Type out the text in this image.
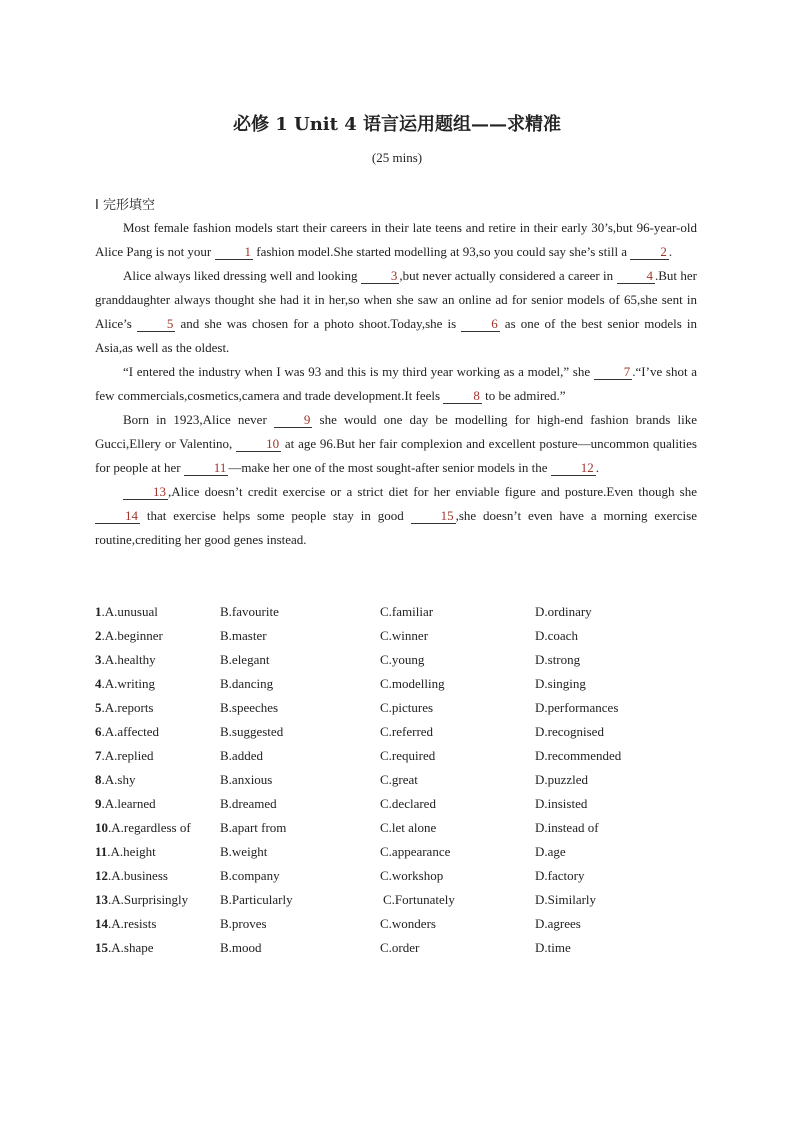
必修 1 Unit 4 语言运用题组——求精准
(25 mins)
Ⅰ 完形填空

Most female fashion models start their careers in their late teens and retire in their early 30’s,but 96-year-old Alice Pang is not your 1 fashion model.She started modelling at 93,so you could say she’s still a 2 .

Alice always liked dressing well and looking 3 ,but never actually considered a career in 4 .But her granddaughter always thought she had it in her,so when she saw an online ad for senior models of 65,she sent in Alice’s 5 and she was chosen for a photo shoot.Today,she is 6 as one of the best senior models in Asia,as well as the oldest.

“I entered the industry when I was 93 and this is my third year working as a model,” she 7 .“I’ve shot a few commercials,cosmetics,camera and trade development.It feels 8 to be admired.”

Born in 1923,Alice never 9 she would one day be modelling for high-end fashion brands like Gucci,Ellery or Valentino, 10 at age 96.But her fair complexion and excellent posture—uncommon qualities for people at her 11 —make her one of the most sought-after senior models in the 12 .

13 ,Alice doesn’t credit exercise or a strict diet for her enviable figure and posture.Even though she 14 that exercise helps some people stay in good 15 ,she doesn’t even have a morning exercise routine,crediting her good genes instead.

1.A.unusual	B.favourite	C.familiar	D.ordinary
2.A.beginner	B.master	C.winner	D.coach
3.A.healthy	B.elegant	C.young	D.strong
4.A.writing	B.dancing	C.modelling	D.singing
5.A.reports	B.speeches	C.pictures	D.performances
6.A.affected	B.suggested	C.referred	D.recognised
7.A.replied	B.added	C.required	D.recommended
8.A.shy	B.anxious	C.great	D.puzzled
9.A.learned	B.dreamed	C.declared	D.insisted
10.A.regardless of B.apart from	C.let alone	D.instead of
11.A.height	B.weight	C.appearance	D.age
12.A.business	B.company	C.workshop	D.factory
13.A.Surprisingly B.Particularly	C.Fortunately	D.Similarly
14.A.resists	B.proves	C.wonders	D.agrees
15.A.shape	B.mood	C.order	D.time
